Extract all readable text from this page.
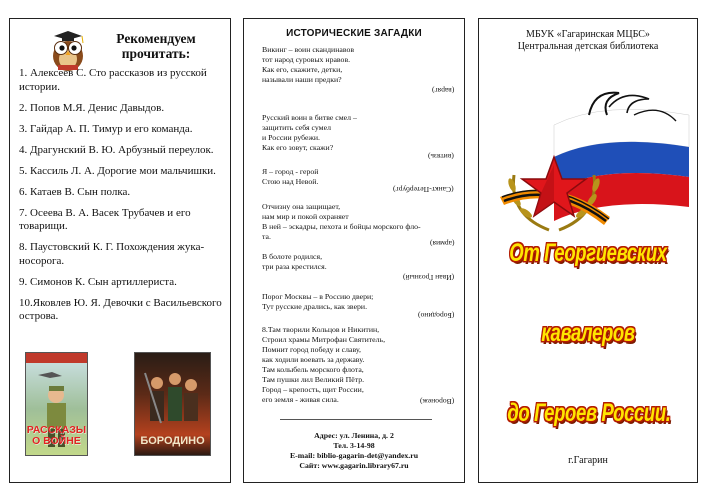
Рекомендуем прочитать:
1. Алексеев С. Сто рассказов из русской истории.
2. Попов М.Я. Денис Давыдов.
3. Гайдар А. П. Тимур и его команда.
4. Драгунский В. Ю. Арбузный переулок.
5. Кассиль Л. А. Дорогие мои мальчишки.
6. Катаев В. Сын полка.
7. Осеева В. А. Васек Трубачев и его товарищи.
8. Паустовский К. Г. Похождения жука-носорога.
9. Симонов К. Сын артиллериста.
10.Яковлев Ю. Я. Девочки с Васильевского острова.
РАССКАЗЫ О ВОЙНЕ	БОРОДИНО
ИСТОРИЧЕСКИЕ ЗАГАДКИ
Викинг – воин скандинавов
тот народ суровых нравов.
Как его, скажите, детки,
называли наши предки?
(варяг)
Русский воин в битве смел –
защитить себя сумел
и России рубежи.
Как его зовут, скажи?
(витязь)
Я – город - герой
Стою над Невой.
(Санкт-Петербург)
Отчизну она защищает,
нам мир и покой охраняет
В ней – эскадры, пехота и бойцы морского фло-
та.
(армия)
В болоте родился,
три раза крестился.
(Иван Грозный)
Порог Москвы – в Россию двери;
Тут русские дрались, как звери.
(Бородино)
8.Там творили Кольцов и Никитин,
Строил храмы Митрофан Святитель,
Помнит город победу и славу,
как ходили воевать за державу.
Там колыбель морского флота,
Там пушки лил Великий Пётр.
Город – крепость, щит России,
его земля - живая сила.	(Воронеж)
Адрес: ул. Ленина, д. 2
Тел. 3-14-98
E-mail: biblio-gagarin-det@yandex.ru
Сайт: www.gagarin.library67.ru
МБУК «Гагаринская МЦБС»
Центральная детская библиотека
От Георгиевских
кавалеров
до Героев России.
г.Гагарин
